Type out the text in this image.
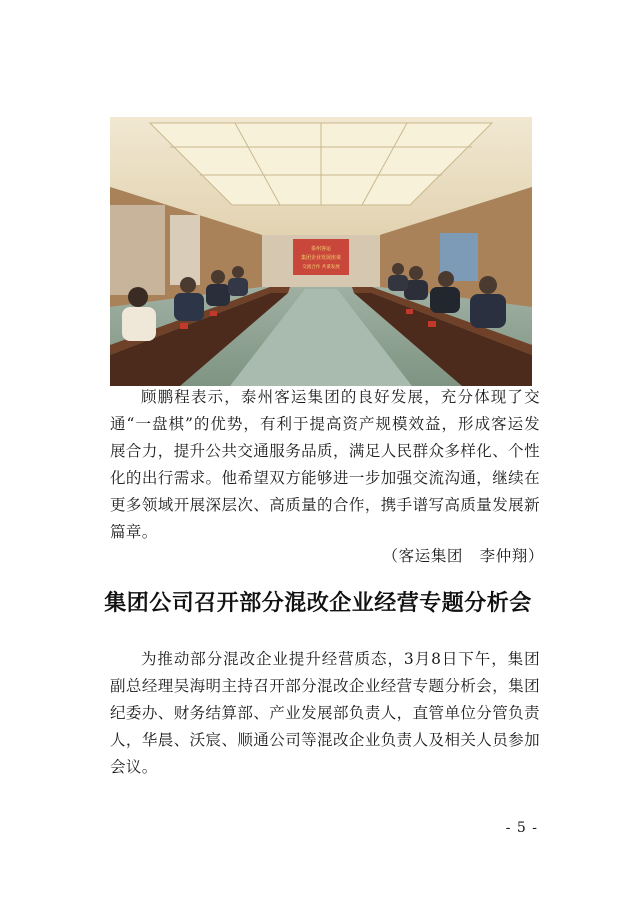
泰州客运
集团企业发展座谈
交流合作 共谋发展

顾鹏程表示，泰州客运集团的良好发展，充分体现了交通“一盘棋”的优势，有利于提高资产规模效益，形成客运发展合力，提升公共交通服务品质，满足人民群众多样化、个性化的出行需求。他希望双方能够进一步加强交流沟通，继续在更多领域开展深层次、高质量的合作，携手谱写高质量发展新篇章。

（客运集团   李仲翔）
集团公司召开部分混改企业经营专题分析会

为推动部分混改企业提升经营质态，3月8日下午，集团副总经理吴海明主持召开部分混改企业经营专题分析会，集团纪委办、财务结算部、产业发展部负责人，直管单位分管负责人，华晨、沃宸、顺通公司等混改企业负责人及相关人员参加会议。

- 5 -
